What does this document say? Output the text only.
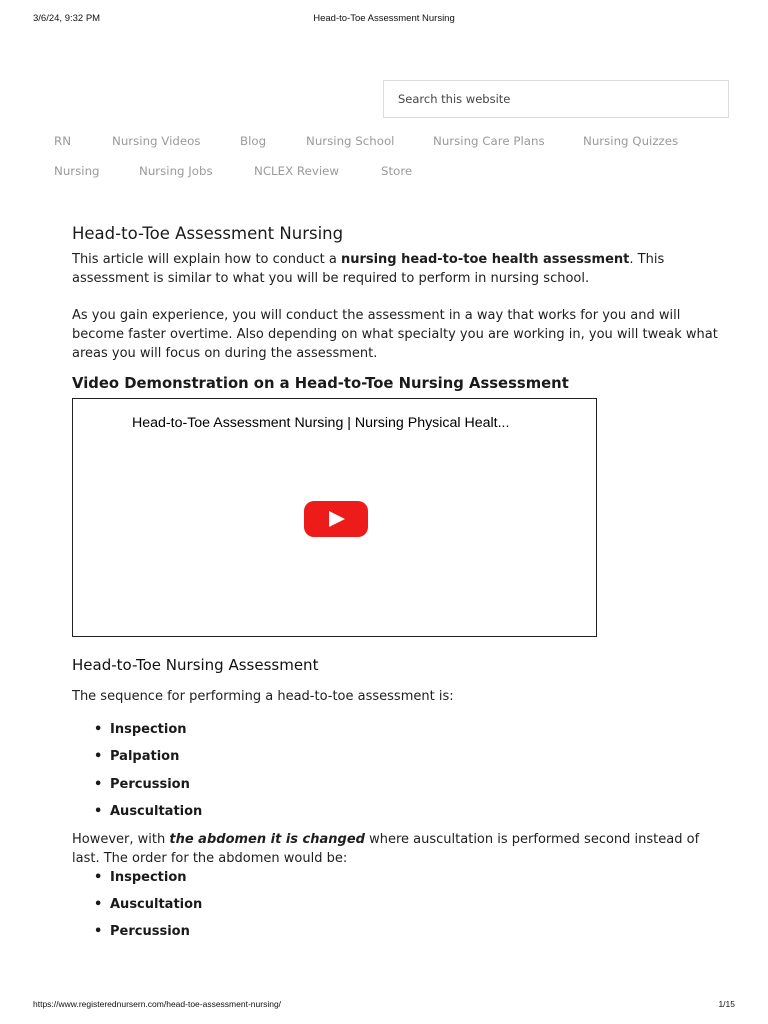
3/6/24, 9:32 PM	Head-to-Toe Assessment Nursing
Search this website
RN	Nursing Videos	Blog	Nursing School	Nursing Care Plans	Nursing Quizzes
Nursing	Nursing Jobs	NCLEX Review	Store
Head-to-Toe Assessment Nursing

This article will explain how to conduct a nursing head-to-toe health assessment. This assessment is similar to what you will be required to perform in nursing school.

As you gain experience, you will conduct the assessment in a way that works for you and will become faster overtime. Also depending on what specialty you are working in, you will tweak what areas you will focus on during the assessment.

Video Demonstration on a Head-to-Toe Nursing Assessment
Head-to-Toe Assessment Nursing | Nursing Physical Healt...
Head-to-Toe Nursing Assessment

The sequence for performing a head-to-toe assessment is:

• Inspection
• Palpation
• Percussion
• Auscultation

However, with the abdomen it is changed where auscultation is performed second instead of last. The order for the abdomen would be:

• Inspection
• Auscultation
• Percussion
https://www.registerednursern.com/head-toe-assessment-nursing/	1/15
